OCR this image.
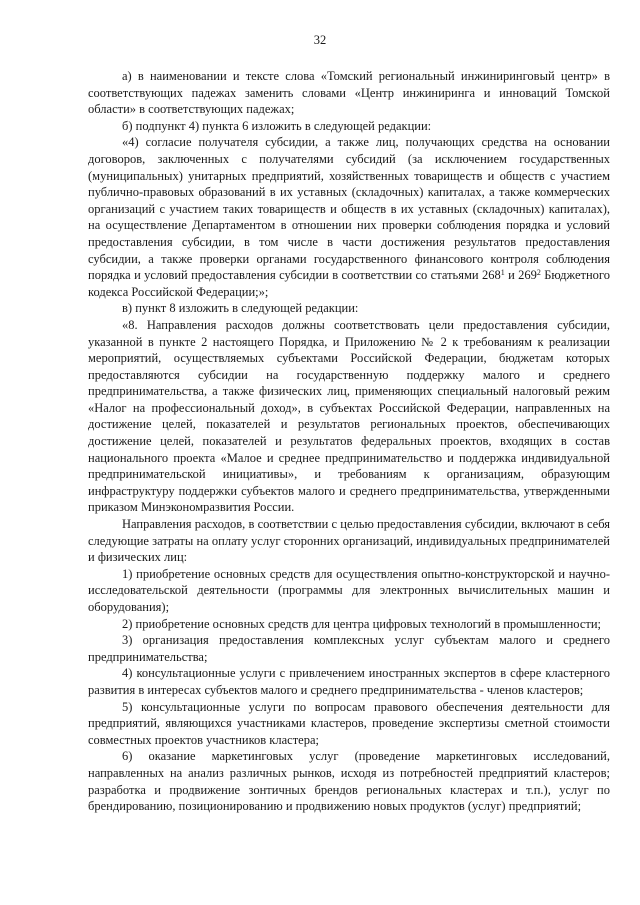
32

а) в наименовании и тексте слова «Томский региональный инжиниринговый центр» в соответствующих падежах заменить словами «Центр инжиниринга и инноваций Томской области» в соответствующих падежах;

б) подпункт 4) пункта 6 изложить в следующей редакции:

«4) согласие получателя субсидии, а также лиц, получающих средства на основании договоров, заключенных с получателями субсидий (за исключением государственных (муниципальных) унитарных предприятий, хозяйственных товариществ и обществ с участием публично-правовых образований в их уставных (складочных) капиталах, а также коммерческих организаций с участием таких товариществ и обществ в их уставных (складочных) капиталах), на осуществление Департаментом в отношении них проверки соблюдения порядка и условий предоставления субсидии, в том числе в части достижения результатов предоставления субсидии, а также проверки органами государственного финансового контроля соблюдения порядка и условий предоставления субсидии в соответствии со статьями $268^1$ и $269^2$ Бюджетного кодекса Российской Федерации;»;

в) пункт 8 изложить в следующей редакции:

«8. Направления расходов должны соответствовать цели предоставления субсидии, указанной в пункте 2 настоящего Порядка, и Приложению № 2 к требованиям к реализации мероприятий, осуществляемых субъектами Российской Федерации, бюджетам которых предоставляются субсидии на государственную поддержку малого и среднего предпринимательства, а также физических лиц, применяющих специальный налоговый режим «Налог на профессиональный доход», в субъектах Российской Федерации, направленных на достижение целей, показателей и результатов региональных проектов, обеспечивающих достижение целей, показателей и результатов федеральных проектов, входящих в состав национального проекта «Малое и среднее предпринимательство и поддержка индивидуальной предпринимательской инициативы», и требованиям к организациям, образующим инфраструктуру поддержки субъектов малого и среднего предпринимательства, утвержденными приказом Минэкономразвития России.

Направления расходов, в соответствии с целью предоставления субсидии, включают в себя следующие затраты на оплату услуг сторонних организаций, индивидуальных предпринимателей и физических лиц:

1) приобретение основных средств для осуществления опытно-конструкторской и научно-исследовательской деятельности (программы для электронных вычислительных машин и оборудования);

2) приобретение основных средств для центра цифровых технологий в промышленности;

3) организация предоставления комплексных услуг субъектам малого и среднего предпринимательства;

4) консультационные услуги с привлечением иностранных экспертов в сфере кластерного развития в интересах субъектов малого и среднего предпринимательства - членов кластеров;

5) консультационные услуги по вопросам правового обеспечения деятельности для предприятий, являющихся участниками кластеров, проведение экспертизы сметной стоимости совместных проектов участников кластера;

6) оказание маркетинговых услуг (проведение маркетинговых исследований, направленных на анализ различных рынков, исходя из потребностей предприятий кластеров; разработка и продвижение зонтичных брендов региональных кластерах и т.п.), услуг по брендированию, позиционированию и продвижению новых продуктов (услуг) предприятий;
